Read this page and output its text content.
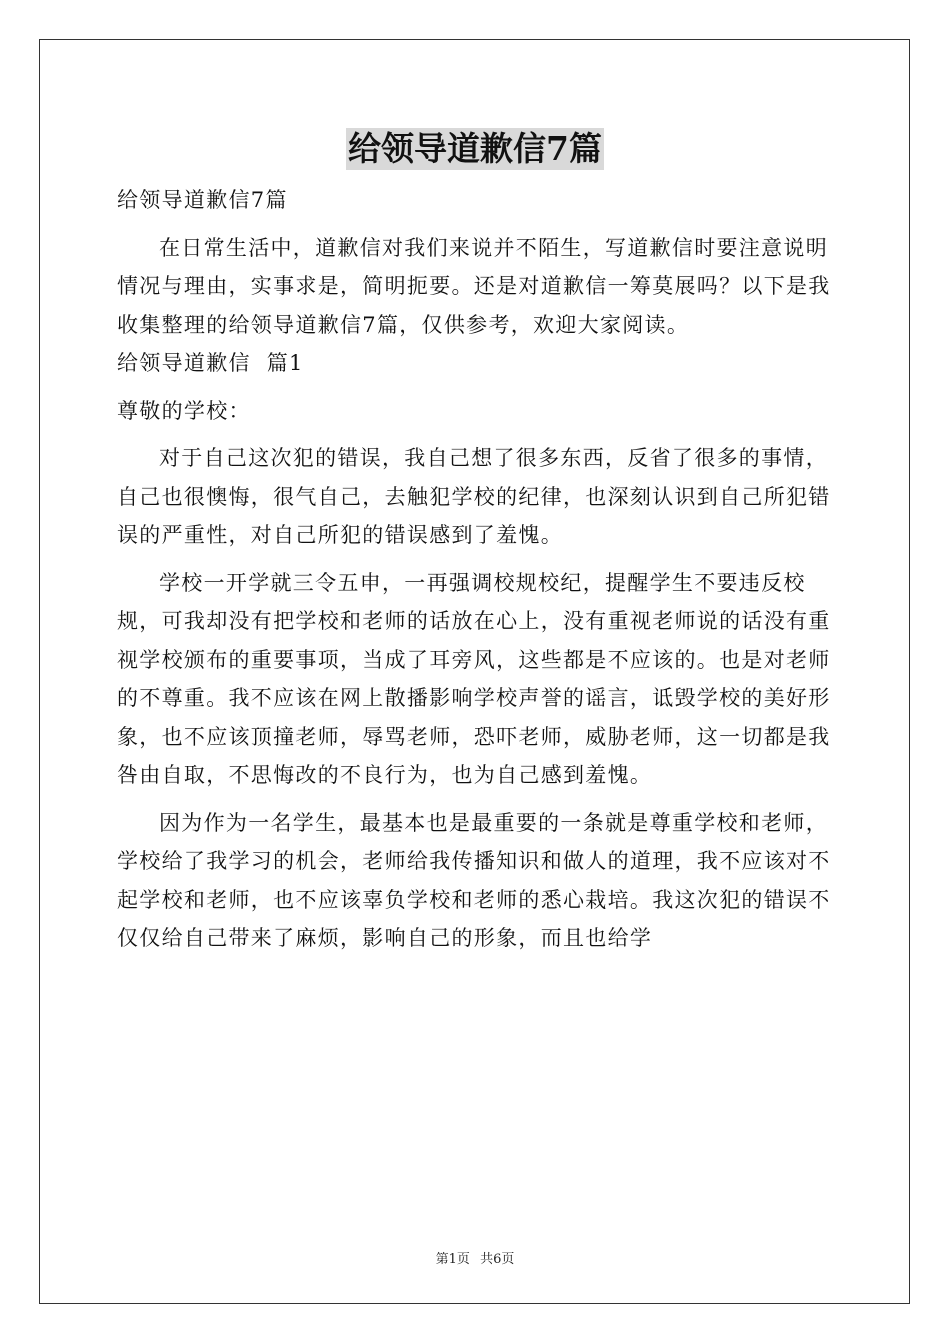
给领导道歉信7篇

给领导道歉信7篇

在日常生活中，道歉信对我们来说并不陌生，写道歉信时要注意说明情况与理由，实事求是，简明扼要。还是对道歉信一筹莫展吗？以下是我收集整理的给领导道歉信7篇，仅供参考，欢迎大家阅读。

给领导道歉信  篇1

尊敬的学校：

对于自己这次犯的错误，我自己想了很多东西，反省了很多的事情，自己也很懊悔，很气自己，去触犯学校的纪律，也深刻认识到自己所犯错误的严重性，对自己所犯的错误感到了羞愧。

学校一开学就三令五申，一再强调校规校纪，提醒学生不要违反校规，可我却没有把学校和老师的话放在心上，没有重视老师说的话没有重视学校颁布的重要事项，当成了耳旁风，这些都是不应该的。也是对老师的不尊重。我不应该在网上散播影响学校声誉的谣言，诋毁学校的美好形象，也不应该顶撞老师，辱骂老师，恐吓老师，威胁老师，这一切都是我咎由自取，不思悔改的不良行为，也为自己感到羞愧。

因为作为一名学生，最基本也是最重要的一条就是尊重学校和老师，学校给了我学习的机会，老师给我传播知识和做人的道理，我不应该对不起学校和老师，也不应该辜负学校和老师的悉心栽培。我这次犯的错误不仅仅给自己带来了麻烦，影响自己的形象，而且也给学

第1页 共6页
